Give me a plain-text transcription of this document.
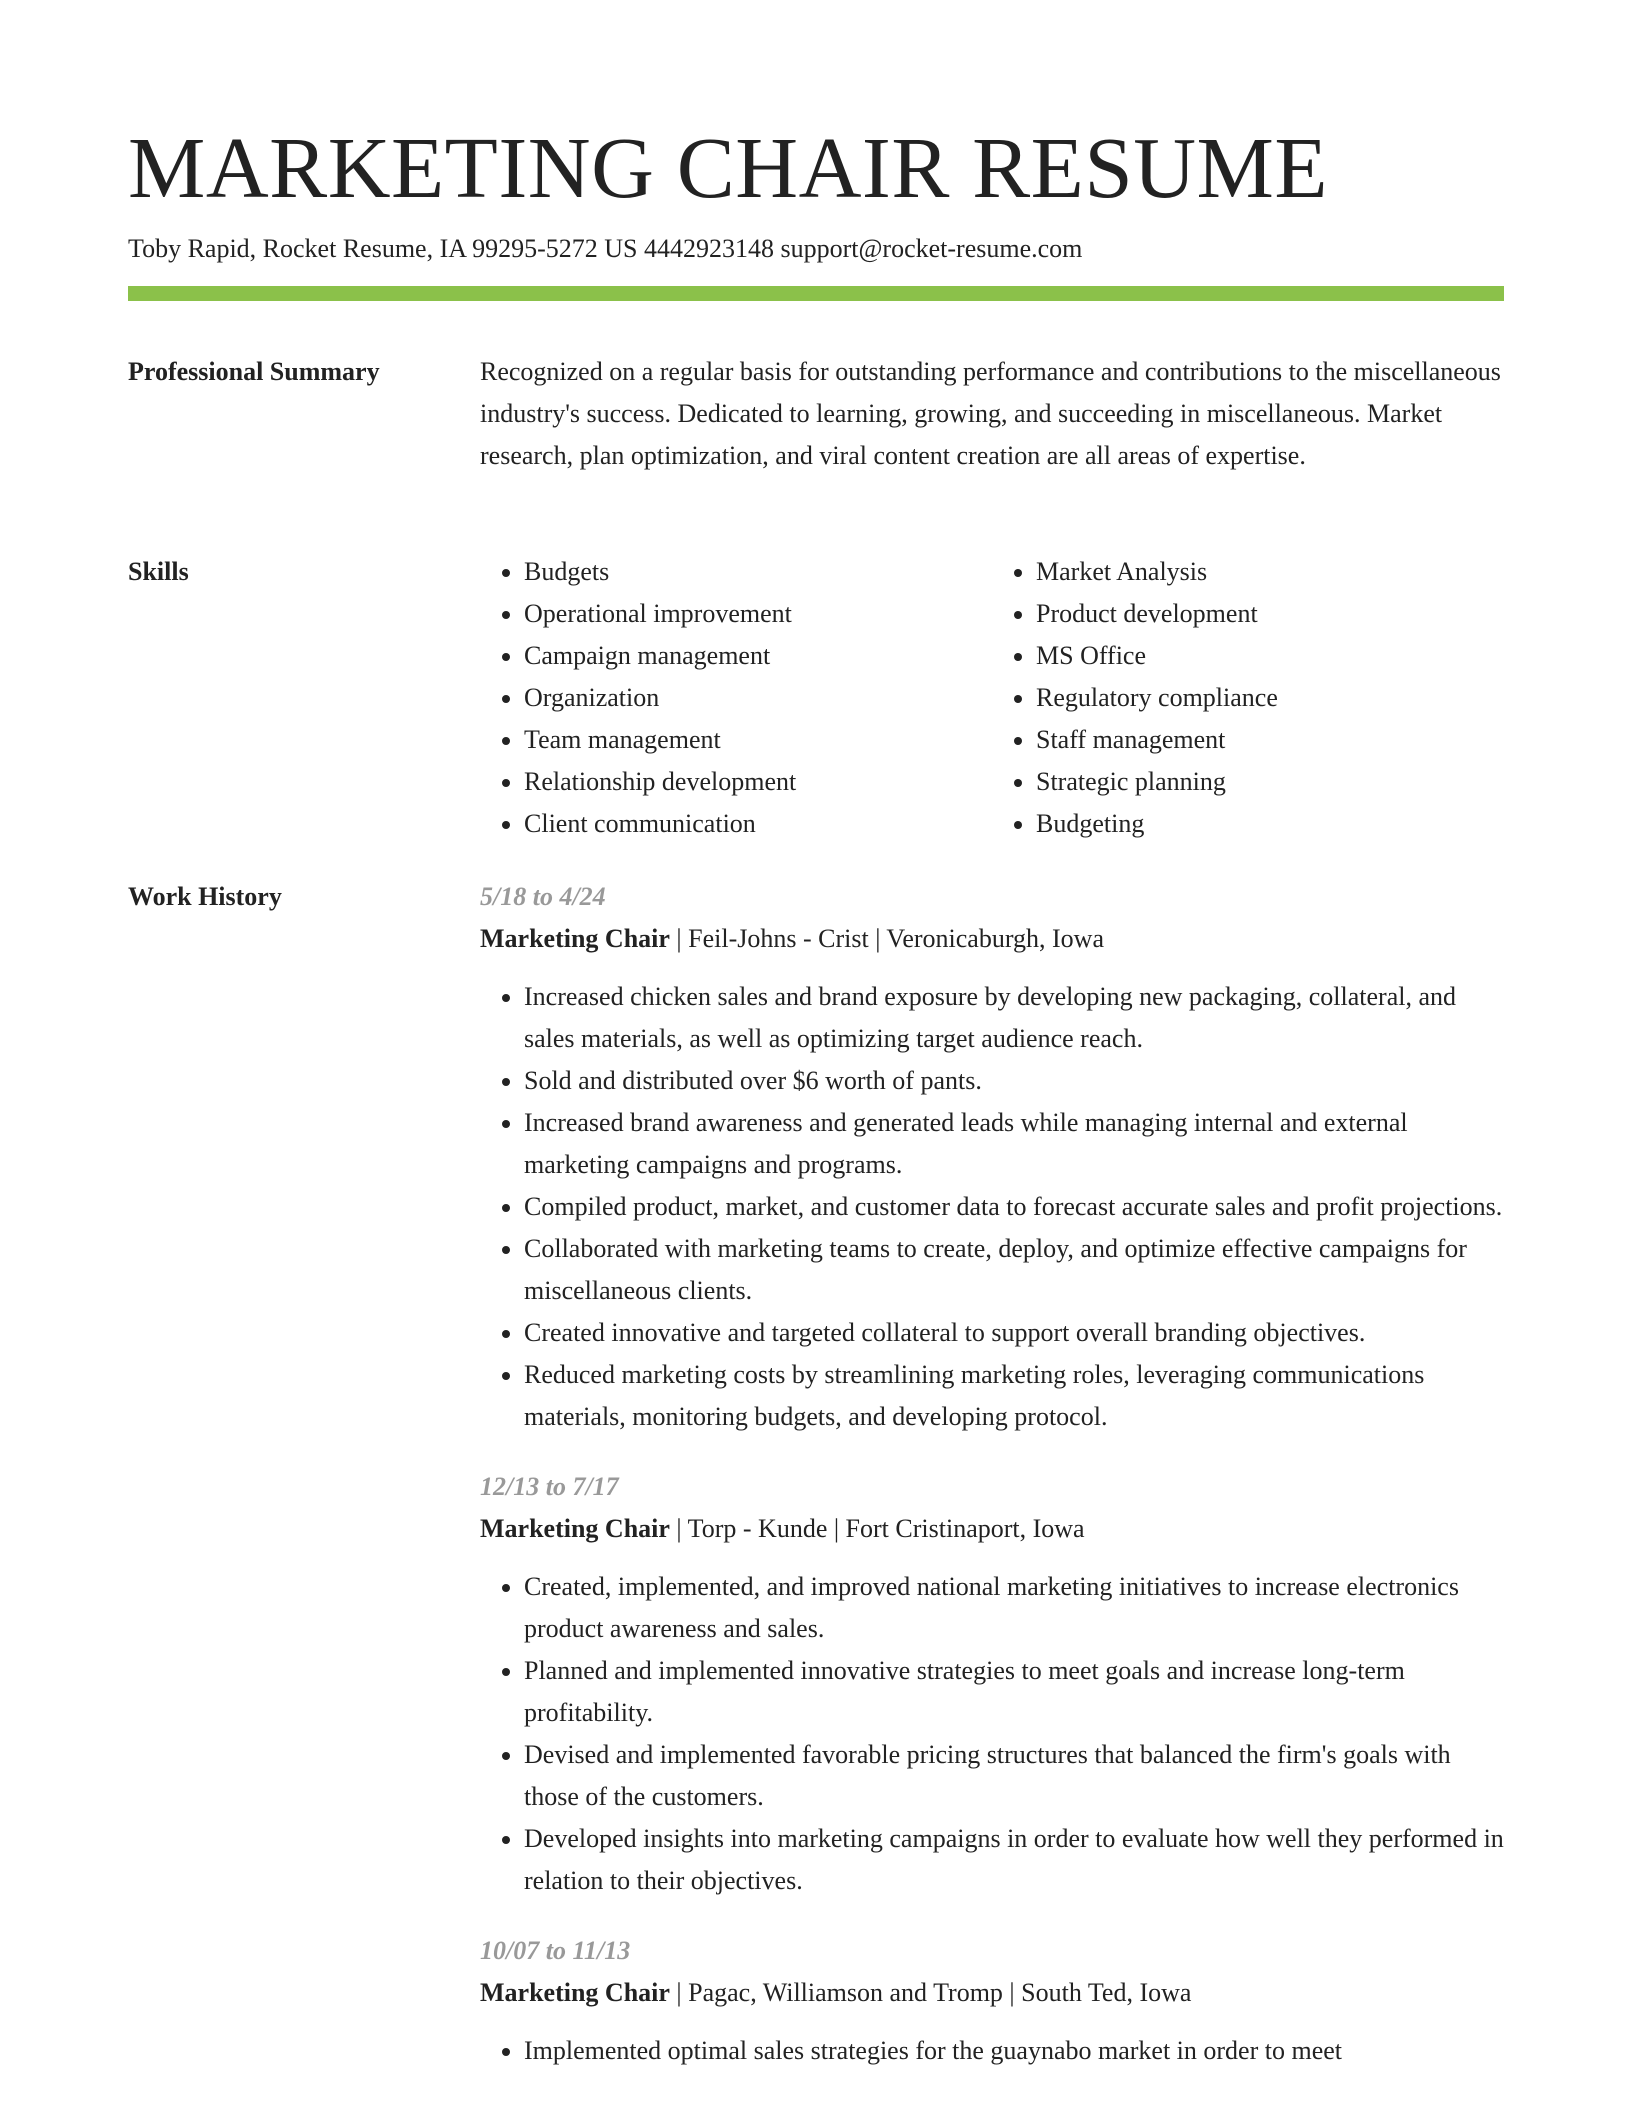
MARKETING CHAIR RESUME
Toby Rapid, Rocket Resume, IA 99295-5272 US 4442923148 support@rocket-resume.com
Professional Summary	Recognized on a regular basis for outstanding performance and contributions to the miscellaneous industry's success. Dedicated to learning, growing, and succeeding in miscellaneous. Market research, plan optimization, and viral content creation are all areas of expertise.

Skills
•	Budgets
• Operational improvement
• Campaign management
• Organization
• Team management
• Relationship development
• Client communication
• Market Analysis
• Product development
• MS Office
• Regulatory compliance
• Staff management
• Strategic planning
• Budgeting
Work History	5/18 to 4/24
Marketing Chair | Feil-Johns - Crist | Veronicaburgh, Iowa
• Increased chicken sales and brand exposure by developing new packaging, collateral, and sales materials, as well as optimizing target audience reach.
• Sold and distributed over $6 worth of pants.
• Increased brand awareness and generated leads while managing internal and external marketing campaigns and programs.
• Compiled product, market, and customer data to forecast accurate sales and profit projections.
• Collaborated with marketing teams to create, deploy, and optimize effective campaigns for miscellaneous clients.
• Created innovative and targeted collateral to support overall branding objectives.
• Reduced marketing costs by streamlining marketing roles, leveraging communications materials, monitoring budgets, and developing protocol.
12/13 to 7/17
Marketing Chair | Torp - Kunde | Fort Cristinaport, Iowa
• Created, implemented, and improved national marketing initiatives to increase electronics product awareness and sales.
• Planned and implemented innovative strategies to meet goals and increase long-term profitability.
• Devised and implemented favorable pricing structures that balanced the firm's goals with those of the customers.
• Developed insights into marketing campaigns in order to evaluate how well they performed in relation to their objectives.
10/07 to 11/13
Marketing Chair | Pagac, Williamson and Tromp | South Ted, Iowa
• Implemented optimal sales strategies for the guaynabo market in order to meet
